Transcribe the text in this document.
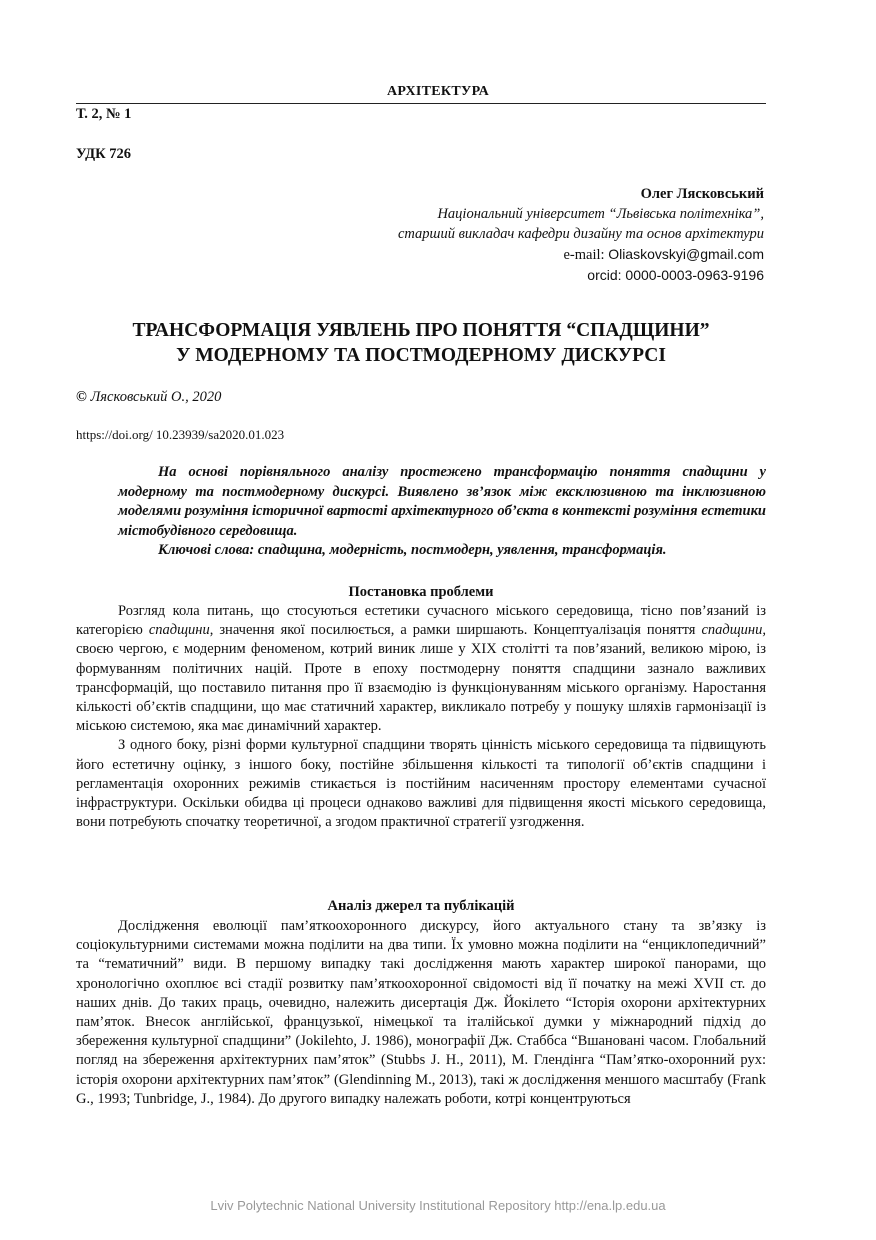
АРХІТЕКТУРА
Т. 2, № 1
УДК 726
Олег Лясковський
Національний університет “Львівська політехніка”,
старший викладач кафедри дизайну та основ архітектури
e-mail: Oliaskovskyi@gmail.com
orcid: 0000-0003-0963-9196
ТРАНСФОРМАЦІЯ УЯВЛЕНЬ ПРО ПОНЯТТЯ “СПАДЩИНИ”
У МОДЕРНОМУ ТА ПОСТМОДЕРНОМУ ДИСКУРСІ
© Лясковський О., 2020
https://doi.org/ 10.23939/sa2020.01.023

На основі порівняльного аналізу простежено трансформацію поняття спадщини у модерному та постмодерному дискурсі. Виявлено зв’язок між ексклюзивною та інклюзивною моделями розуміння історичної вартості архітектурного об’єкта в контексті розуміння естетики містобудівного середовища.

Ключові слова: спадщина, модерність, постмодерн, уявлення, трансформація.

Постановка проблеми

Розгляд кола питань, що стосуються естетики сучасного міського середовища, тісно пов’язаний із категорією спадщини, значення якої посилюється, а рамки ширшають. Концептуалізація поняття спадщини, своєю чергою, є модерним феноменом, котрий виник лише у XIX столітті та пов’язаний, великою мірою, із формуванням політичних націй. Проте в епоху постмодерну поняття спадщини зазнало важливих трансформацій, що поставило питання про її взаємодію із функціонуванням міського організму. Наростання кількості об’єктів спадщини, що має статичний характер, викликало потребу у пошуку шляхів гармонізації із міською системою, яка має динамічний характер.

З одного боку, різні форми культурної спадщини творять цінність міського середовища та підвищують його естетичну оцінку, з іншого боку, постійне збільшення кількості та типології об’єктів спадщини і регламентація охоронних режимів стикається із постійним насиченням простору елементами сучасної інфраструктури. Оскільки обидва ці процеси однаково важливі для підвищення якості міського середовища, вони потребують спочатку теоретичної, а згодом практичної стратегії узгодження.

Аналіз джерел та публікацій

Дослідження еволюції пам’яткоохоронного дискурсу, його актуального стану та зв’язку із соціокультурними системами можна поділити на два типи. Їх умовно можна поділити на “енциклопедичний” та “тематичний” види. В першому випадку такі дослідження мають характер широкої панорами, що хронологічно охоплює всі стадії розвитку пам’яткоохоронної свідомості від її початку на межі XVII ст. до наших днів. До таких праць, очевидно, належить дисертація Дж. Йокілето “Історія охорони архітектурних пам’яток. Внесок англійської, французької, німецької та італійської думки у міжнародний підхід до збереження культурної спадщини” (Jokilehto, J. 1986), монографії Дж. Стаббса “Вшановані часом. Глобальний погляд на збереження архітектурних пам’яток” (Stubbs J. H., 2011), М. Глендінга “Пам’ятко-охоронний рух: історія охорони архітектурних пам’яток” (Glendinning M., 2013), такі ж дослідження меншого масштабу (Frank G., 1993; Tunbridge, J., 1984). До другого випадку належать роботи, котрі концентруються

Lviv Polytechnic National University Institutional Repository http://ena.lp.edu.ua
